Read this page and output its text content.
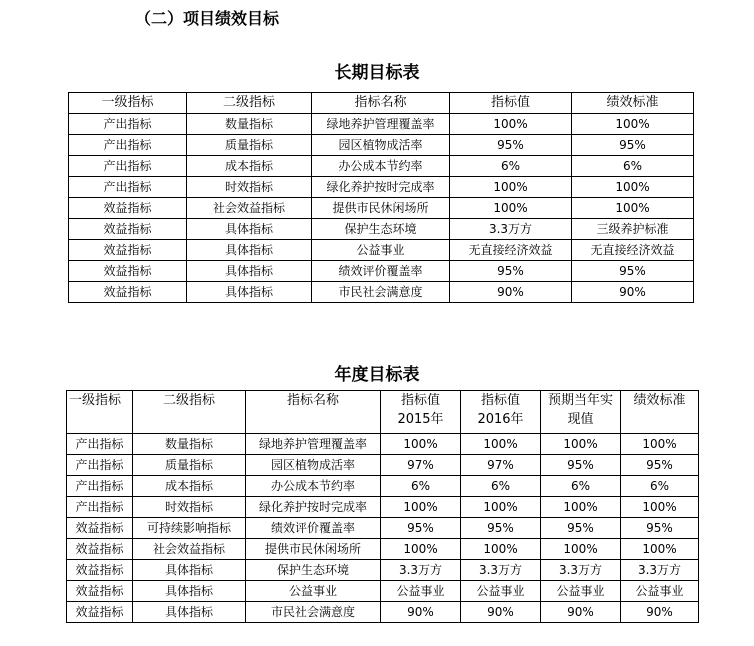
（二）项目绩效目标
长期目标表
一级指标	二级指标	指标名称	指标值	绩效标准
产出指标	数量指标	绿地养护管理覆盖率	100%	100%
产出指标	质量指标	园区植物成活率	95%	95%
产出指标	成本指标	办公成本节约率	6%	6%
产出指标	时效指标	绿化养护按时完成率	100%	100%
效益指标	社会效益指标	提供市民休闲场所	100%	100%
效益指标	具体指标	保护生态环境	3.3万方	三级养护标准
效益指标	具体指标	公益事业	无直接经济效益	无直接经济效益
效益指标	具体指标	绩效评价覆盖率	95%	95%
效益指标	具体指标	市民社会满意度	90%	90%
年度目标表
一级指标	二级指标	指标名称	指标值 2015年	指标值 2016年	预期当年实现值	绩效标准
产出指标	数量指标	绿地养护管理覆盖率	100%	100%	100%	100%
产出指标	质量指标	园区植物成活率	97%	97%	95%	95%
产出指标	成本指标	办公成本节约率	6%	6%	6%	6%
产出指标	时效指标	绿化养护按时完成率	100%	100%	100%	100%
效益指标	可持续影响指标	绩效评价覆盖率	95%	95%	95%	95%
效益指标	社会效益指标	提供市民休闲场所	100%	100%	100%	100%
效益指标	具体指标	保护生态环境	3.3万方	3.3万方	3.3万方	3.3万方
效益指标	具体指标	公益事业	公益事业	公益事业	公益事业	公益事业
效益指标	具体指标	市民社会满意度	90%	90%	90%	90%
